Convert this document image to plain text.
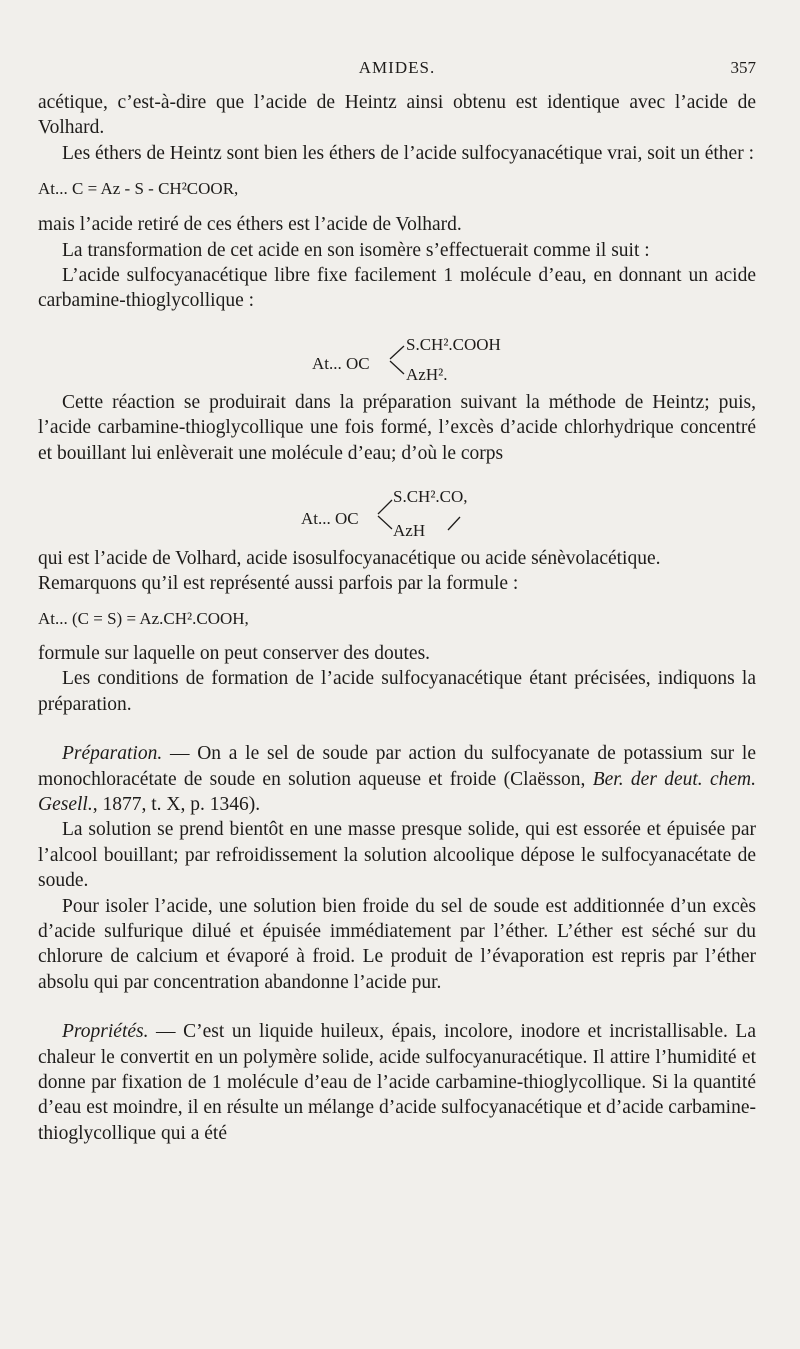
AMIDES.	357

acétique, c’est-à-dire que l’acide de Heintz ainsi obtenu est identique avec l’acide de Volhard.

Les éthers de Heintz sont bien les éthers de l’acide sulfocyanacétique vrai, soit un éther :

At... C = Az - S - CH²COOR,

mais l’acide retiré de ces éthers est l’acide de Volhard.

La transformation de cet acide en son isomère s’effectuerait comme il suit :

L’acide sulfocyanacétique libre fixe facilement 1 molécule d’eau, en donnant un acide carbamine-thioglycollique :

At... OC
S.CH².COOH
AzH².

Cette réaction se produirait dans la préparation suivant la méthode de Heintz; puis, l’acide carbamine-thioglycollique une fois formé, l’excès d’acide chlorhydrique concentré et bouillant lui enlèverait une molécule d’eau; d’où le corps

At... OC
S.CH².CO,
AzH

qui est l’acide de Volhard, acide isosulfocyanacétique ou acide sénèvolacétique.

Remarquons qu’il est représenté aussi parfois par la formule :

At... (C = S) = Az.CH².COOH,

formule sur laquelle on peut conserver des doutes.

Les conditions de formation de l’acide sulfocyanacétique étant précisées, indiquons la préparation.

Préparation. — On a le sel de soude par action du sulfocyanate de potassium sur le monochloracétate de soude en solution aqueuse et froide (Claësson, Ber. der deut. chem. Gesell., 1877, t. X, p. 1346).

La solution se prend bientôt en une masse presque solide, qui est essorée et épuisée par l’alcool bouillant; par refroidissement la solution alcoolique dépose le sulfocyanacétate de soude.

Pour isoler l’acide, une solution bien froide du sel de soude est additionnée d’un excès d’acide sulfurique dilué et épuisée immédiatement par l’éther. L’éther est séché sur du chlorure de calcium et évaporé à froid. Le produit de l’évaporation est repris par l’éther absolu qui par concentration abandonne l’acide pur.

Propriétés. — C’est un liquide huileux, épais, incolore, inodore et incristallisable. La chaleur le convertit en un polymère solide, acide sulfocyanuracétique. Il attire l’humidité et donne par fixation de 1 molécule d’eau de l’acide carbamine-thioglycollique. Si la quantité d’eau est moindre, il en résulte un mélange d’acide sulfocyanacétique et d’acide carbamine-thioglycollique qui a été
